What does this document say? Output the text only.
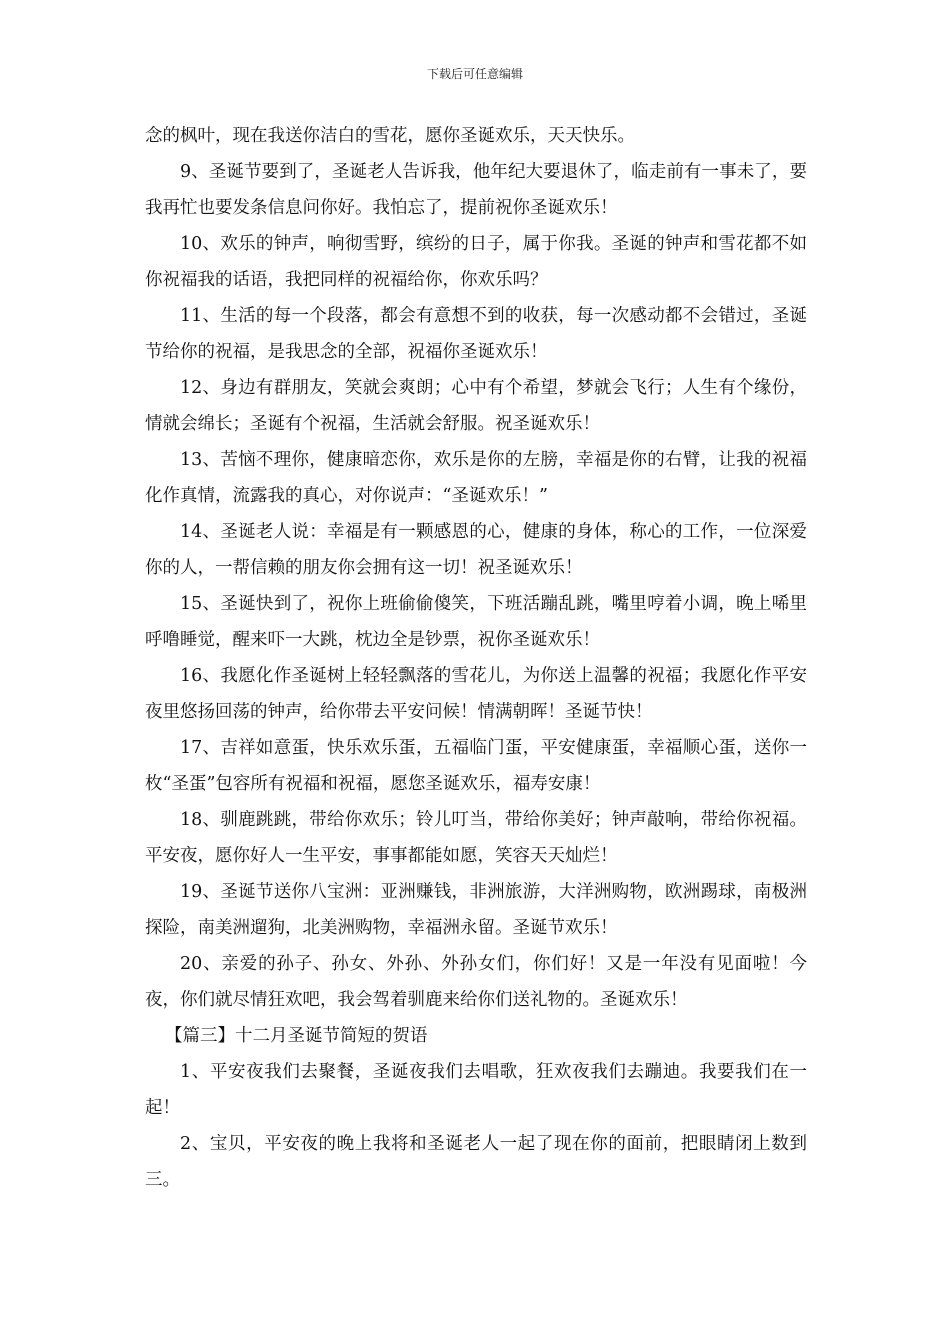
下载后可任意编辑

念的枫叶，现在我送你洁白的雪花，愿你圣诞欢乐，天天快乐。

9、圣诞节要到了，圣诞老人告诉我，他年纪大要退休了，临走前有一事未了，要我再忙也要发条信息问你好。我怕忘了，提前祝你圣诞欢乐！

10、欢乐的钟声，响彻雪野，缤纷的日子，属于你我。圣诞的钟声和雪花都不如你祝福我的话语，我把同样的祝福给你，你欢乐吗？

11、生活的每一个段落，都会有意想不到的收获，每一次感动都不会错过，圣诞节给你的祝福，是我思念的全部，祝福你圣诞欢乐！

12、身边有群朋友，笑就会爽朗；心中有个希望，梦就会飞行；人生有个缘份，情就会绵长；圣诞有个祝福，生活就会舒服。祝圣诞欢乐！

13、苦恼不理你，健康暗恋你，欢乐是你的左膀，幸福是你的右臂，让我的祝福化作真情，流露我的真心，对你说声：“圣诞欢乐！”

14、圣诞老人说：幸福是有一颗感恩的心，健康的身体，称心的工作，一位深爱你的人，一帮信赖的朋友你会拥有这一切！祝圣诞欢乐！

15、圣诞快到了，祝你上班偷偷傻笑，下班活蹦乱跳，嘴里哼着小调，晚上唏里呼噜睡觉，醒来吓一大跳，枕边全是钞票，祝你圣诞欢乐！

16、我愿化作圣诞树上轻轻飘落的雪花儿，为你送上温馨的祝福；我愿化作平安夜里悠扬回荡的钟声，给你带去平安问候！情满朝晖！圣诞节快！

17、吉祥如意蛋，快乐欢乐蛋，五福临门蛋，平安健康蛋，幸福顺心蛋，送你一枚“圣蛋”包容所有祝福和祝福，愿您圣诞欢乐，福寿安康！

18、驯鹿跳跳，带给你欢乐；铃儿叮当，带给你美好；钟声敲响，带给你祝福。平安夜，愿你好人一生平安，事事都能如愿，笑容天天灿烂！

19、圣诞节送你八宝洲：亚洲赚钱，非洲旅游，大洋洲购物，欧洲踢球，南极洲探险，南美洲遛狗，北美洲购物，幸福洲永留。圣诞节欢乐！

20、亲爱的孙子、孙女、外孙、外孙女们，你们好！又是一年没有见面啦！今夜，你们就尽情狂欢吧，我会驾着驯鹿来给你们送礼物的。圣诞欢乐！

【篇三】十二月圣诞节简短的贺语

1、平安夜我们去聚餐，圣诞夜我们去唱歌，狂欢夜我们去蹦迪。我要我们在一起！

2、宝贝，平安夜的晚上我将和圣诞老人一起了现在你的面前，把眼睛闭上数到三。
